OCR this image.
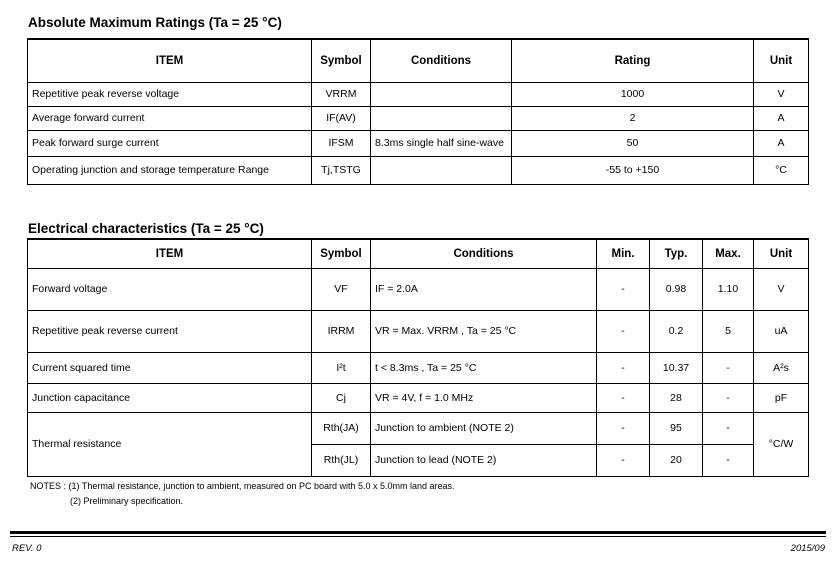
Absolute Maximum Ratings (Ta = 25 °C)
ITEM	Symbol	Conditions	Rating	Unit
Repetitive peak reverse voltage	VRRM		1000	V
Average forward current	IF(AV)		2	A
Peak forward surge current	IFSM	8.3ms single half sine-wave	50	A
Operating junction and storage temperature Range	Tj,TSTG		-55 to +150	°C
Electrical characteristics (Ta = 25 °C)
ITEM	Symbol	Conditions	Min.	Typ.	Max.	Unit
Forward voltage	VF	IF = 2.0A	-	0.98	1.10	V
Repetitive peak reverse current	IRRM	VR = Max. VRRM , Ta = 25 °C	-	0.2	5	uA
Current squared time	I²t	t < 8.3ms , Ta = 25 °C	-	10.37	-	A²s
Junction capacitance	Cj	VR = 4V, f = 1.0 MHz	-	28	-	pF
Thermal resistance	Rth(JA)	Junction to ambient (NOTE 2)	-	95	-	°C/W
	Rth(JL)	Junction to lead (NOTE 2)	-	20	-	
NOTES : (1) Thermal resistance, junction to ambient, measured on PC board with 5.0 x 5.0mm land areas.
(2) Preliminary specification.
REV. 0	2015/09
